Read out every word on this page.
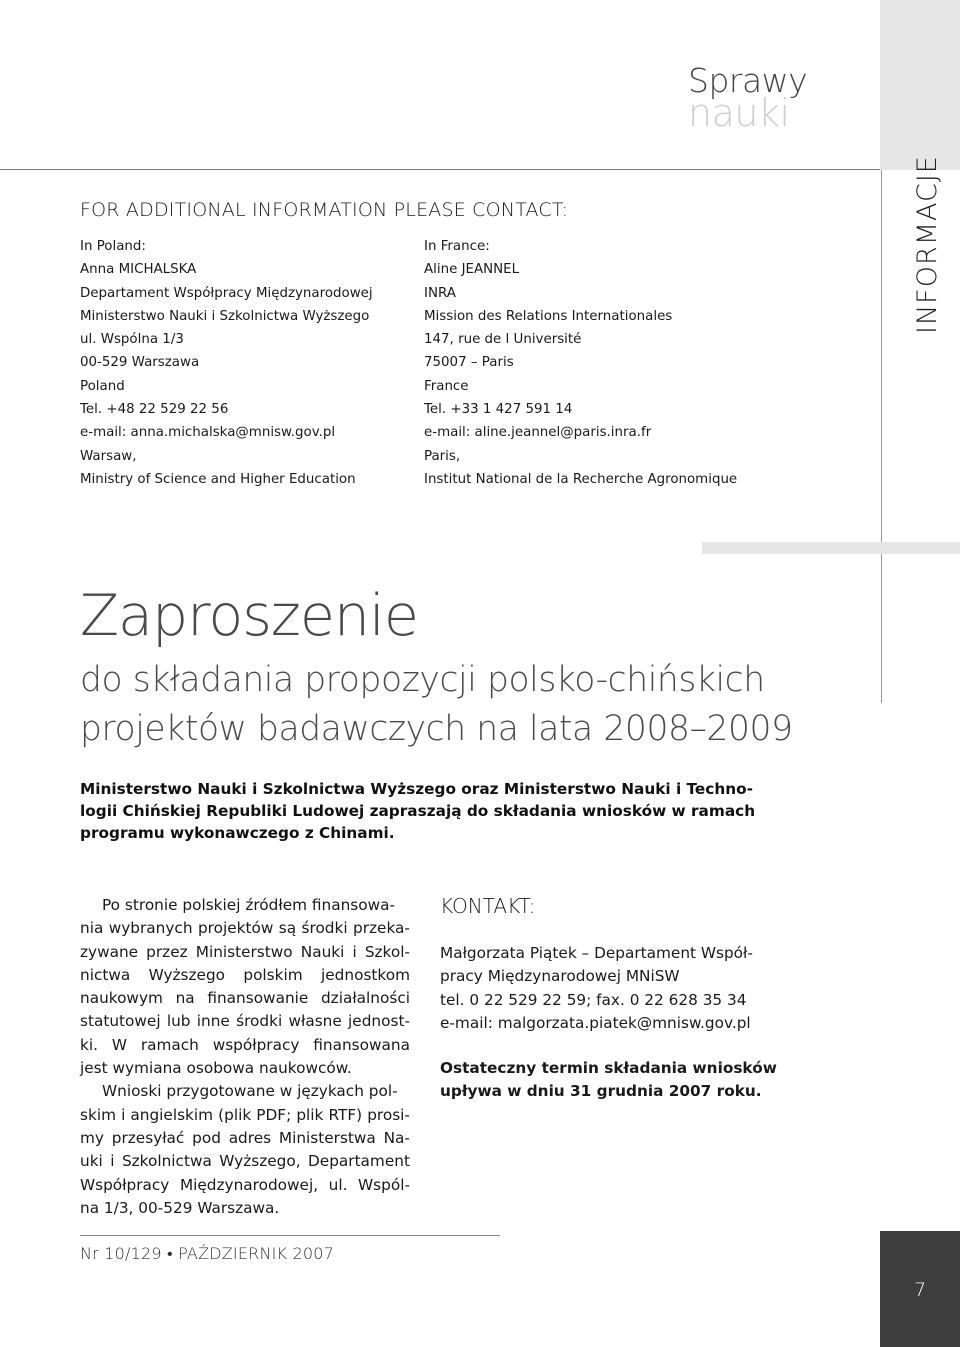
Sprawy
nauki
INFORMACJE
FOR ADDITIONAL INFORMATION PLEASE CONTACT:
In Poland:
Anna MICHALSKA
Departament Współpracy Międzynarodowej
Ministerstwo Nauki i Szkolnictwa Wyższego
ul. Wspólna 1/3
00-529 Warszawa
Poland
Tel. +48 22 529 22 56
e-mail: anna.michalska@mnisw.gov.pl
Warsaw,
Ministry of Science and Higher Education
In France:
Aline JEANNEL
INRA
Mission des Relations Internationales
147, rue de l Université
75007 – Paris
France
Tel. +33 1 427 591 14
e-mail: aline.jeannel@paris.inra.fr
Paris,
Institut National de la Recherche Agronomique
Zaproszenie
do składania propozycji polsko-chińskich
projektów badawczych na lata 2008–2009
Ministerstwo Nauki i Szkolnictwa Wyższego oraz Ministerstwo Nauki i Techno-
logii Chińskiej Republiki Ludowej zapraszają do składania wniosków w ramach
programu wykonawczego z Chinami.
Po stronie polskiej źródłem finansowa-
nia wybranych projektów są środki przeka-
zywane przez Ministerstwo Nauki i Szkol-
nictwa Wyższego polskim jednostkom
naukowym na finansowanie działalności
statutowej lub inne środki własne jednost-
ki. W ramach współpracy finansowana
jest wymiana osobowa naukowców.
Wnioski przygotowane w językach pol-
skim i angielskim (plik PDF; plik RTF) prosi-
my przesyłać pod adres Ministerstwa Na-
uki i Szkolnictwa Wyższego, Departament
Współpracy Międzynarodowej, ul. Wspól-
na 1/3, 00-529 Warszawa.
KONTAKT:
Małgorzata Piątek – Departament Współ-
pracy Międzynarodowej MNiSW
tel. 0 22 529 22 59; fax. 0 22 628 35 34
e-mail: malgorzata.piatek@mnisw.gov.pl
Ostateczny termin składania wniosków
upływa w dniu 31 grudnia 2007 roku.
Nr 10/129 • PAŹDZIERNIK 2007
7
